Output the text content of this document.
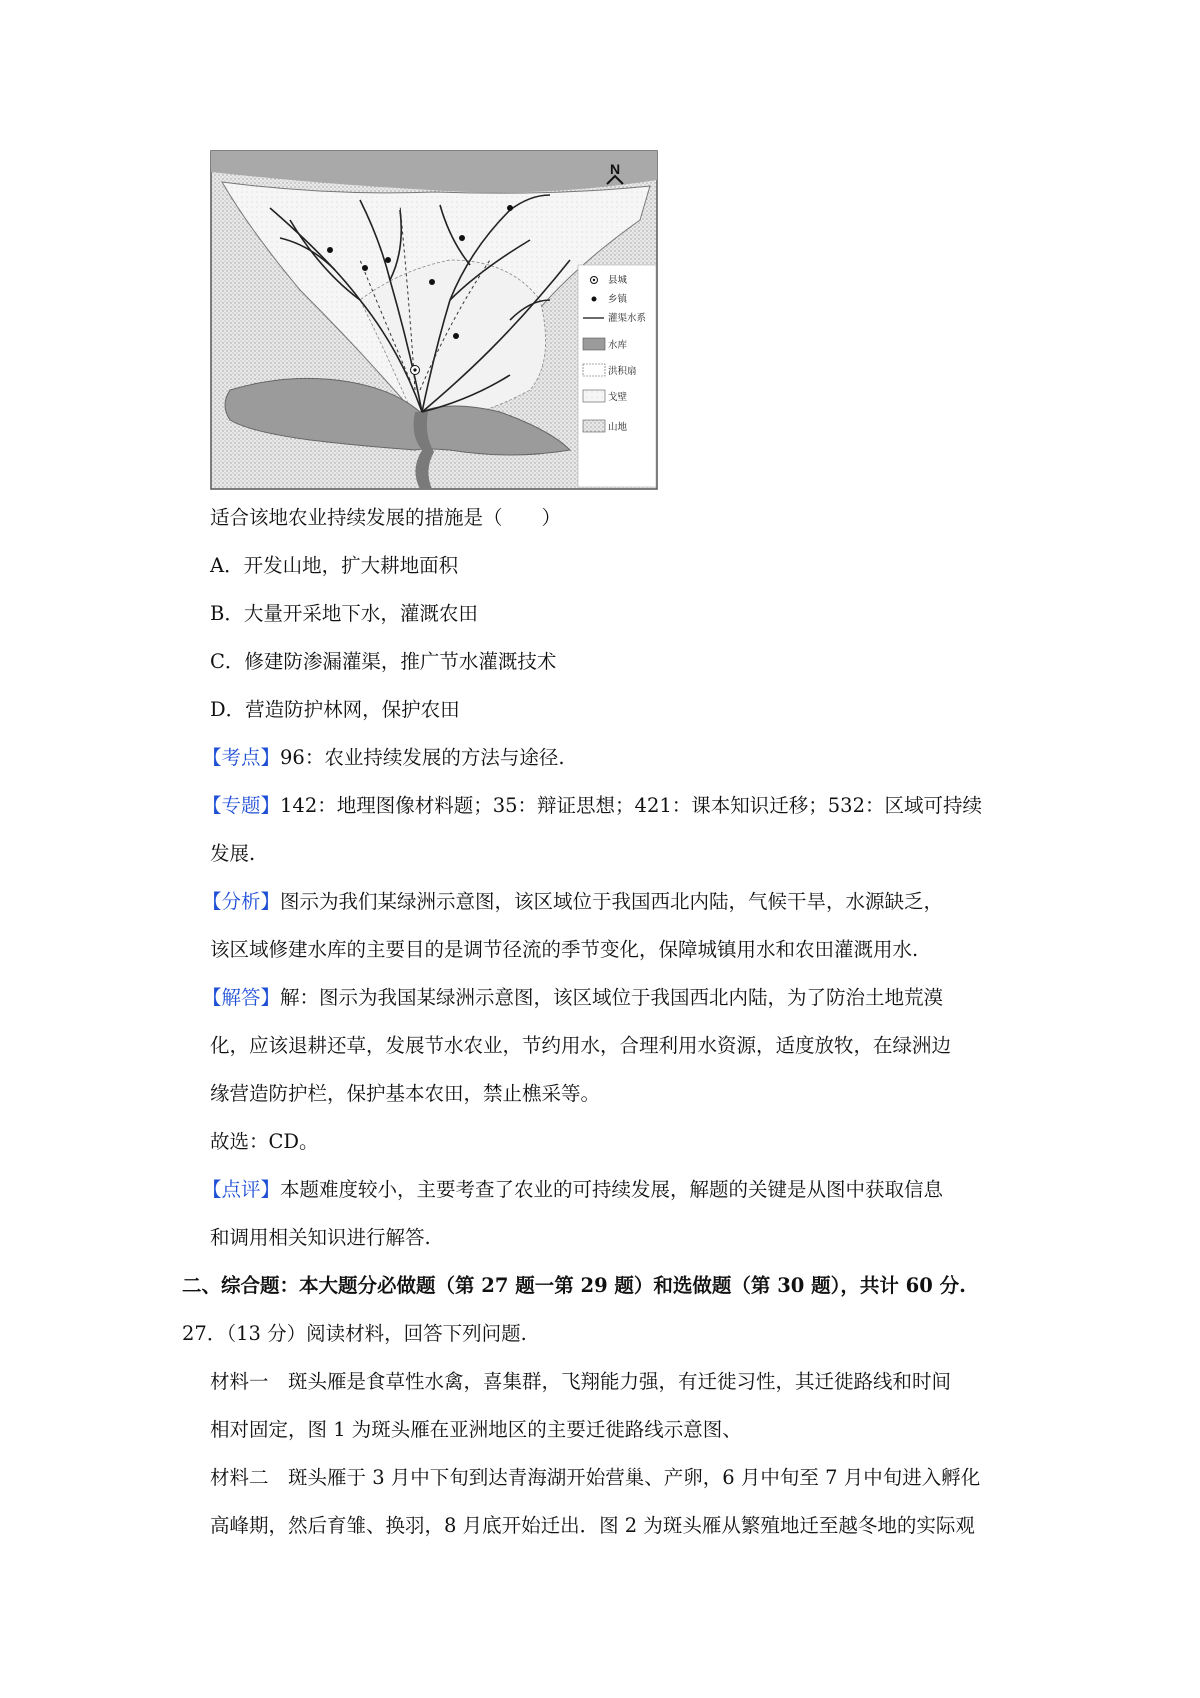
N
县城
乡镇
灌渠水系
水库
洪积扇
戈壁
山地
适合该地农业持续发展的措施是（　　）
A．开发山地，扩大耕地面积
B．大量开采地下水，灌溉农田
C．修建防渗漏灌渠，推广节水灌溉技术
D．营造防护林网，保护农田
【考点】96：农业持续发展的方法与途径.
【专题】142：地理图像材料题；35：辩证思想；421：课本知识迁移；532：区域可持续
发展.
【分析】图示为我们某绿洲示意图，该区域位于我国西北内陆，气候干旱，水源缺乏，
该区域修建水库的主要目的是调节径流的季节变化，保障城镇用水和农田灌溉用水.
【解答】解：图示为我国某绿洲示意图，该区域位于我国西北内陆，为了防治土地荒漠
化，应该退耕还草，发展节水农业，节约用水，合理利用水资源，适度放牧，在绿洲边
缘营造防护栏，保护基本农田，禁止樵采等。
故选：CD。
【点评】本题难度较小，主要考查了农业的可持续发展，解题的关键是从图中获取信息
和调用相关知识进行解答.
二、综合题：本大题分必做题（第 27 题一第 29 题）和选做题（第 30 题），共计 60 分.
27．（13 分）阅读材料，回答下列问题.
材料一　斑头雁是食草性水禽，喜集群，飞翔能力强，有迁徙习性，其迁徙路线和时间
相对固定，图 1 为斑头雁在亚洲地区的主要迁徙路线示意图、
材料二　斑头雁于 3 月中下旬到达青海湖开始营巢、产卵，6 月中旬至 7 月中旬进入孵化
高峰期，然后育雏、换羽，8 月底开始迁出．图 2 为斑头雁从繁殖地迁至越冬地的实际观
